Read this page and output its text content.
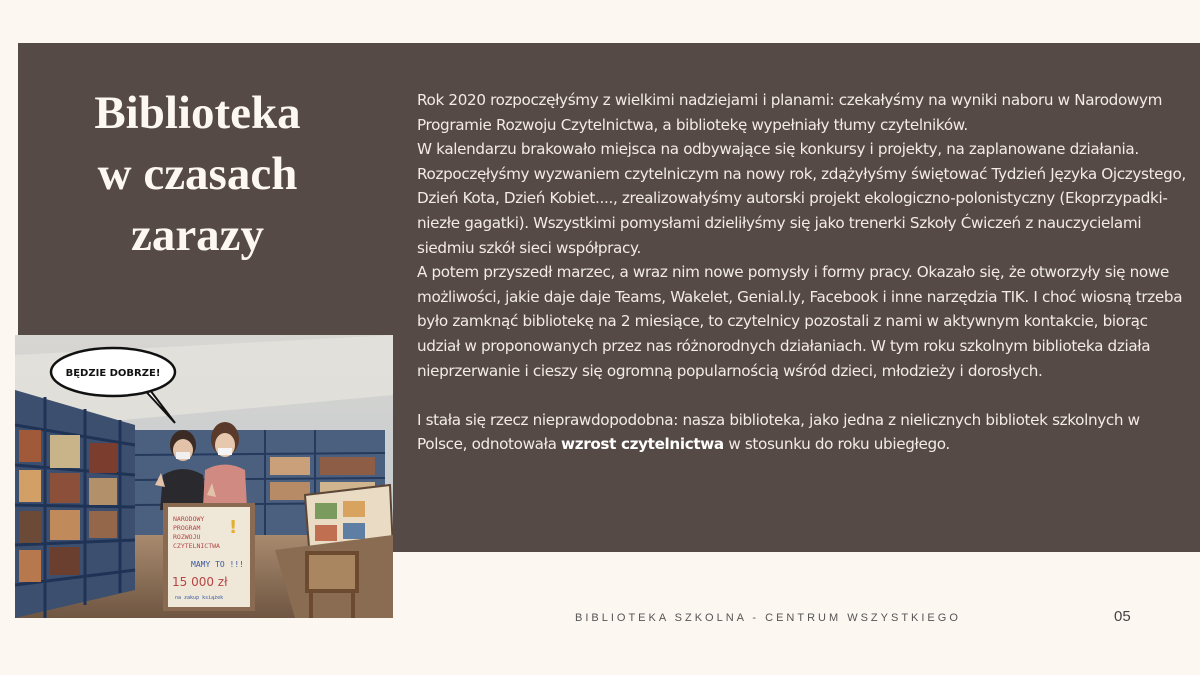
Biblioteka
w czasach
zarazy

Rok 2020 rozpoczęłyśmy z wielkimi nadziejami i planami: czekałyśmy na wyniki naboru w Narodowym Programie Rozwoju Czytelnictwa, a bibliotekę wypełniały tłumy czytelników.

W kalendarzu brakowało miejsca na odbywające się konkursy i projekty, na zaplanowane działania.

Rozpoczęłyśmy wyzwaniem czytelniczym na nowy rok, zdążyłyśmy świętować Tydzień Języka Ojczystego, Dzień Kota, Dzień Kobiet...., zrealizowałyśmy autorski projekt ekologiczno-polonistyczny (Ekoprzypadki-niezłe gagatki). Wszystkimi pomysłami dzieliłyśmy się jako trenerki Szkoły Ćwiczeń z nauczycielami siedmiu szkół sieci współpracy.

A potem przyszedł marzec, a wraz nim nowe pomysły i formy pracy. Okazało się, że otworzyły się nowe możliwości, jakie daje daje Teams, Wakelet, Genial.ly, Facebook i inne narzędzia TIK. I choć wiosną trzeba było zamknąć bibliotekę na 2 miesiące, to czytelnicy pozostali z nami w aktywnym kontakcie, biorąc udział w proponowanych przez nas różnorodnych działaniach. W tym roku szkolnym biblioteka działa nieprzerwanie i cieszy się ogromną popularnością wśród dzieci, młodzieży i dorosłych.

I stała się rzecz nieprawdopodobna: nasza biblioteka, jako jedna z nielicznych bibliotek szkolnych w Polsce, odnotowała wzrost czytelnictwa w stosunku do roku ubiegłego.

NARODOWY
PROGRAM
ROZWOJU
CZYTELNICTWA
MAMY TO !!!
15 000 zł
na zakup książek
!
BĘDZIE DOBRZE!
BIBLIOTEKA SZKOLNA - CENTRUM WSZYSTKIEGO	05
